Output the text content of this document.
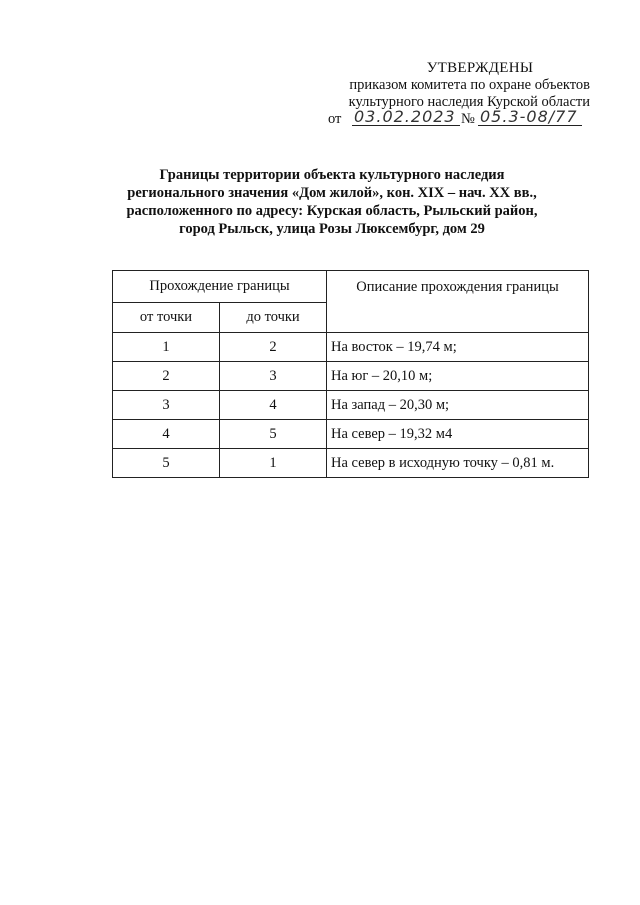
УТВЕРЖДЕНЫ
приказом комитета по охране объектов
культурного наследия Курской области
от 03.02.2023 № 05.3-08/77
Границы территории объекта культурного наследия
регионального значения «Дом жилой», кон. XIX – нач. XX вв.,
расположенного по адресу: Курская область, Рыльский район,
город Рыльск, улица Розы Люксембург, дом 29
Прохождение границы		Описание прохождения границы
от точки	до точки	
1	2	На восток – 19,74 м;
2	3	На юг – 20,10 м;
3	4	На запад – 20,30 м;
4	5	На север – 19,32 м4
5	1	На север в исходную точку – 0,81 м.
